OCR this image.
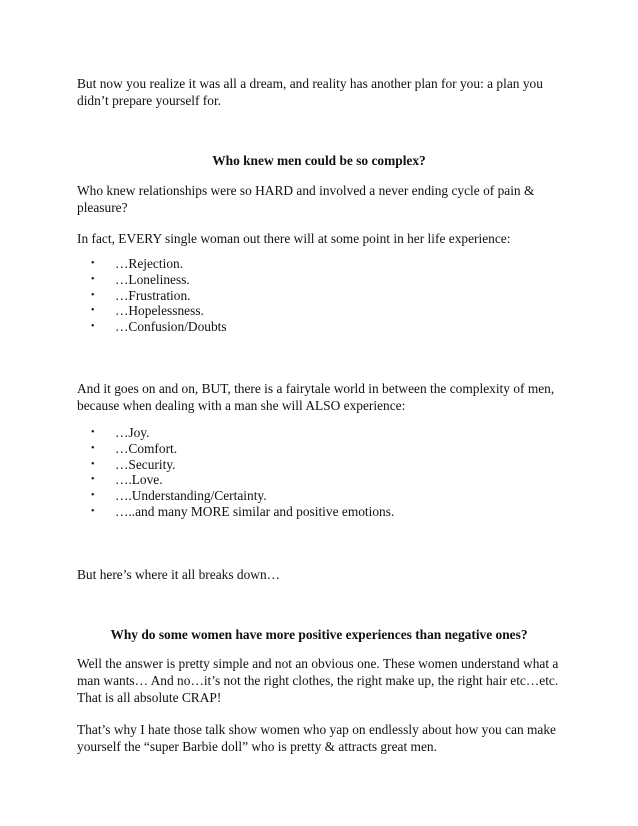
But now you realize it was all a dream, and reality has another plan for you: a plan you didn’t prepare yourself for.

Who knew men could be so complex?

Who knew relationships were so HARD and involved a never ending cycle of pain & pleasure?

In fact, EVERY single woman out there will at some point in her life experience:

• …Rejection.
• …Loneliness.
• …Frustration.
• …Hopelessness.
• …Confusion/Doubts

And it goes on and on, BUT, there is a fairytale world in between the complexity of men, because when dealing with a man she will ALSO experience:

• …Joy.
• …Comfort.
• …Security.
• ….Love.
• ….Understanding/Certainty.
• …..and many MORE similar and positive emotions.

But here’s where it all breaks down…

Why do some women have more positive experiences than negative ones?

Well the answer is pretty simple and not an obvious one. These women understand what a man wants… And no…it’s not the right clothes, the right make up, the right hair etc…etc. That is all absolute CRAP!

That’s why I hate those talk show women who yap on endlessly about how you can make yourself the “super Barbie doll” who is pretty & attracts great men.
